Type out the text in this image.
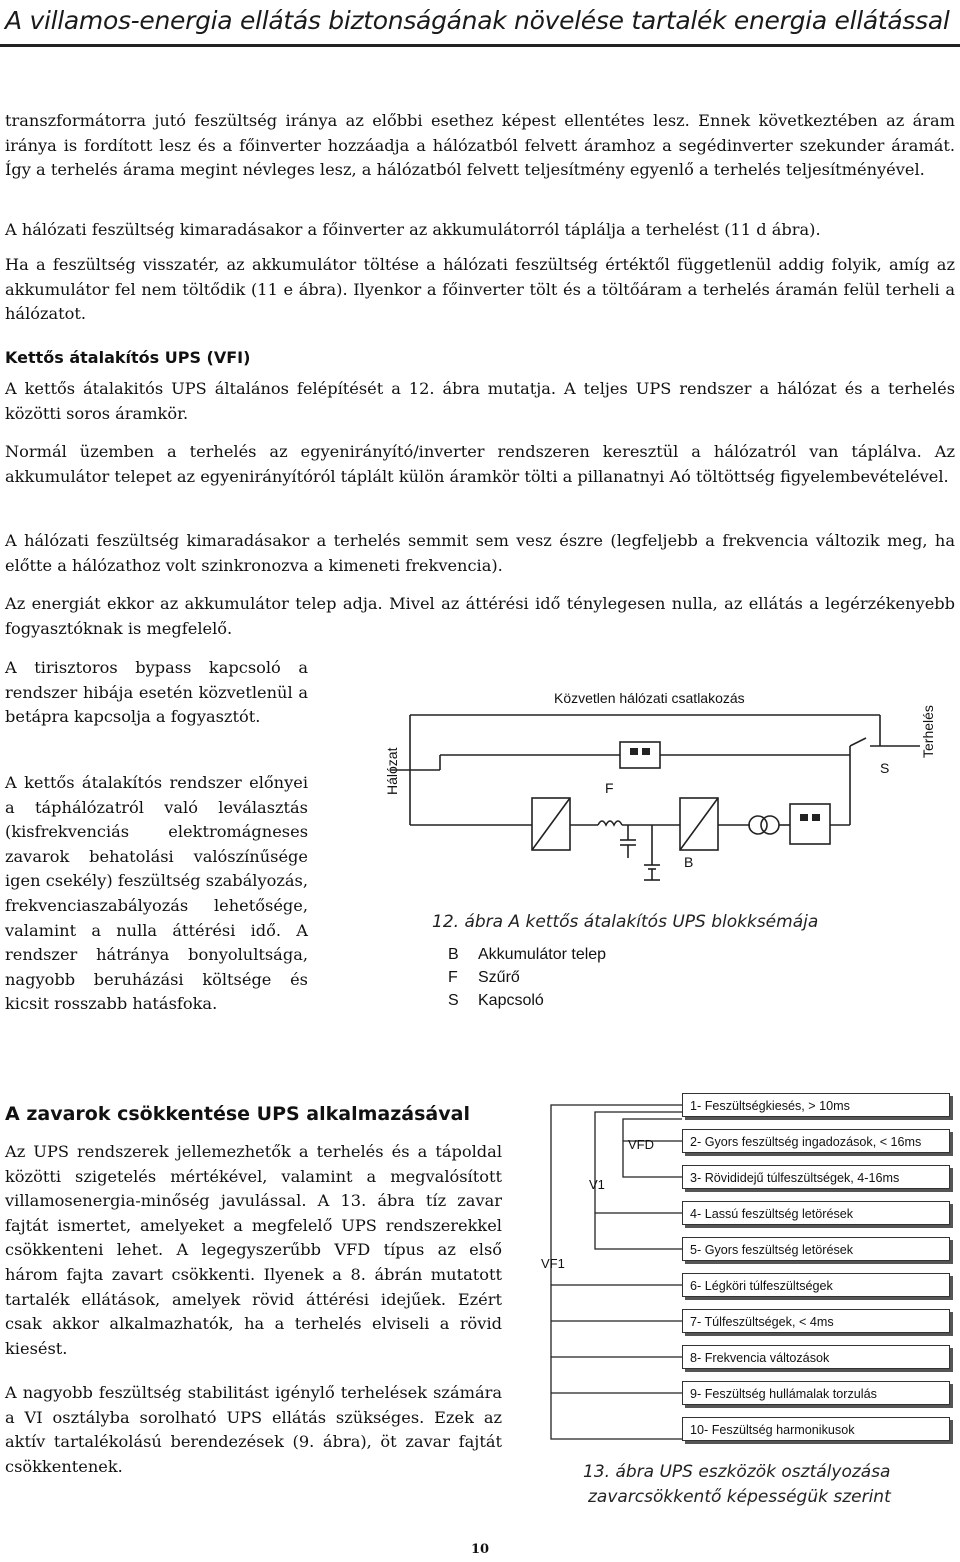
A villamos-energia ellátás biztonságának növelése tartalék energia ellátással
transzformátorra jutó feszültség iránya az előbbi esethez képest ellentétes lesz. Ennek következtében az áram iránya is fordított lesz és a főinverter hozzáadja a hálózatból felvett áramhoz a segédinverter szekunder áramát. Így a terhelés árama megint névleges lesz, a hálózatból felvett teljesítmény egyenlő a terhelés teljesítményével.
A hálózati feszültség kimaradásakor a főinverter az akkumulátorról táplálja a terhelést (11 d ábra).
Ha a feszültség visszatér, az akkumulátor töltése a hálózati feszültség értéktől függetlenül addig folyik, amíg az akkumulátor fel nem töltődik (11 e ábra). Ilyenkor a főinverter tölt és a töltőáram a terhelés áramán felül terheli a hálózatot.
Kettős átalakítós UPS (VFI)
A kettős átalakitós UPS általános felépítését a 12. ábra mutatja. A teljes UPS rendszer a hálózat és a terhelés közötti soros áramkör.
Normál üzemben a terhelés az egyenirányító/inverter rendszeren keresztül a hálózatról van táplálva. Az akkumulátor telepet az egyenirányítóról táplált külön áramkör tölti a pillanatnyi Aó töltöttség figyelembevételével.
A hálózati feszültség kimaradásakor a terhelés semmit sem vesz észre (legfeljebb a frekvencia változik meg, ha előtte a hálózathoz volt szinkronozva a kimeneti frekvencia).
Az energiát ekkor az akkumulátor telep adja. Mivel az áttérési idő ténylegesen nulla, az ellátás a legérzékenyebb fogyasztóknak is megfelelő.
A tirisztoros bypass kapcsoló a rendszer hibája esetén közvetlenül a betápra kapcsolja a fogyasztót.
A kettős átalakítós rendszer előnyei a táphálózatról való leválasztás (kisfrekvenciás elektromágneses zavarok behatolási valószínűsége igen csekély) feszültség szabályozás, frekvenciaszabályozás lehetősége, valamint a nulla áttérési idő. A rendszer hátránya bonyolultsága, nagyobb beruházási költsége és kicsit rosszabb hatásfoka.
Közvetlen hálózati csatlakozás
Hálózat
Terhelés
S
F
B
12. ábra A kettős átalakítós UPS blokksémája
B Akkumulátor telep
F Szűrő
S Kapcsoló
A zavarok csökkentése UPS alkalmazásával
Az UPS rendszerek jellemezhetők a terhelés és a tápoldal közötti szigetelés mértékével, valamint a megvalósított villamosenergia-minőség javulással. A 13. ábra tíz zavar fajtát ismertet, amelyeket a megfelelő UPS rendszerekkel csökkenteni lehet. A legegyszerűbb VFD típus az első három fajta zavart csökkenti. Ilyenek a 8. ábrán mutatott tartalék ellátások, amelyek rövid áttérési idejűek. Ezért csak akkor alkalmazhatók, ha a terhelés elviseli a rövid kiesést.
A nagyobb feszültség stabilitást igénylő terhelések számára a VI osztályba sorolható UPS ellátás szükséges. Ezek az aktív tartalékolású berendezések (9. ábra), öt zavar fajtát csökkentenek.
VFD
V1
VF1
1- Feszültségkiesés, > 10ms
2- Gyors feszültség ingadozások, < 16ms
3- Rövididejű túlfeszültségek, 4-16ms
4- Lassú feszültség letörések
5- Gyors feszültség letörések
6- Légköri túlfeszültségek
7- Túlfeszültségek, < 4ms
8- Frekvencia változások
9- Feszültség hullámalak torzulás
10- Feszültség harmonikusok
13. ábra UPS eszközök osztályozása
zavarcsökkentő képességük szerint
10
